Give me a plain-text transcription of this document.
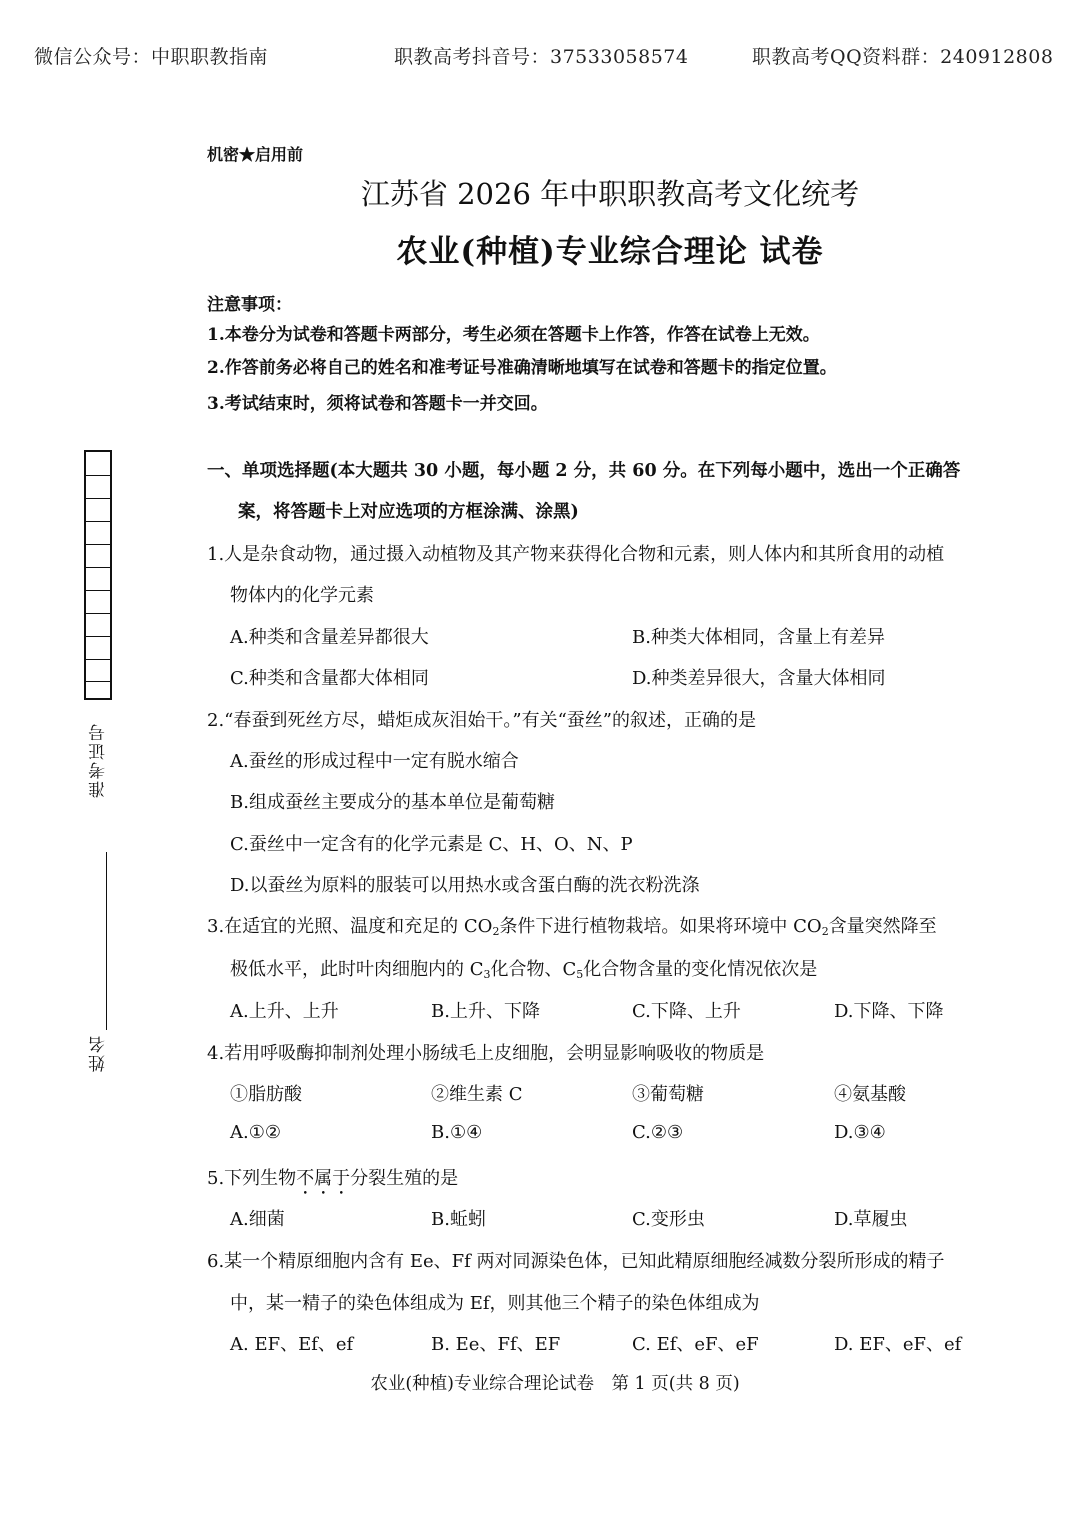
微信公众号：中职职教指南	职教高考抖音号：37533058574	职教高考QQ资料群：240912808
机密★启用前
江苏省 2026 年中职职教高考文化统考
农业(种植)专业综合理论 试卷
注意事项：
1.本卷分为试卷和答题卡两部分，考生必须在答题卡上作答，作答在试卷上无效。
2.作答前务必将自己的姓名和准考证号准确清晰地填写在试卷和答题卡的指定位置。
3.考试结束时，须将试卷和答题卡一并交回。
准考证号
姓名
一、单项选择题(本大题共 30 小题，每小题 2 分，共 60 分。在下列每小题中，选出一个正确答
案，将答题卡上对应选项的方框涂满、涂黑)
1.人是杂食动物，通过摄入动植物及其产物来获得化合物和元素，则人体内和其所食用的动植
物体内的化学元素
A.种类和含量差异都很大	B.种类大体相同，含量上有差异
C.种类和含量都大体相同	D.种类差异很大，含量大体相同
2.“春蚕到死丝方尽，蜡炬成灰泪始干。”有关“蚕丝”的叙述，正确的是
A.蚕丝的形成过程中一定有脱水缩合
B.组成蚕丝主要成分的基本单位是葡萄糖
C.蚕丝中一定含有的化学元素是 C、H、O、N、P
D.以蚕丝为原料的服装可以用热水或含蛋白酶的洗衣粉洗涤
3.在适宜的光照、温度和充足的 $CO_2$条件下进行植物栽培。如果将环境中 $CO_2$含量突然降至
极低水平，此时叶肉细胞内的 $C_3$化合物、$C_5$化合物含量的变化情况依次是
A.上升、上升	B.上升、下降	C.下降、上升	D.下降、下降
4.若用呼吸酶抑制剂处理小肠绒毛上皮细胞，会明显影响吸收的物质是
①脂肪酸	②维生素 C	③葡萄糖	④氨基酸
A.①②	B.①④	C.②③	D.③④
5.下列生物不属于分裂生殖的是
A.细菌	B.蚯蚓	C.变形虫	D.草履虫
6.某一个精原细胞内含有 Ee、Ff 两对同源染色体，已知此精原细胞经减数分裂所形成的精子
中，某一精子的染色体组成为 Ef，则其他三个精子的染色体组成为
A. EF、Ef、ef	B. Ee、Ff、EF	C. Ef、eF、eF	D. EF、eF、ef
农业(种植)专业综合理论试卷　第 1 页(共 8 页)
